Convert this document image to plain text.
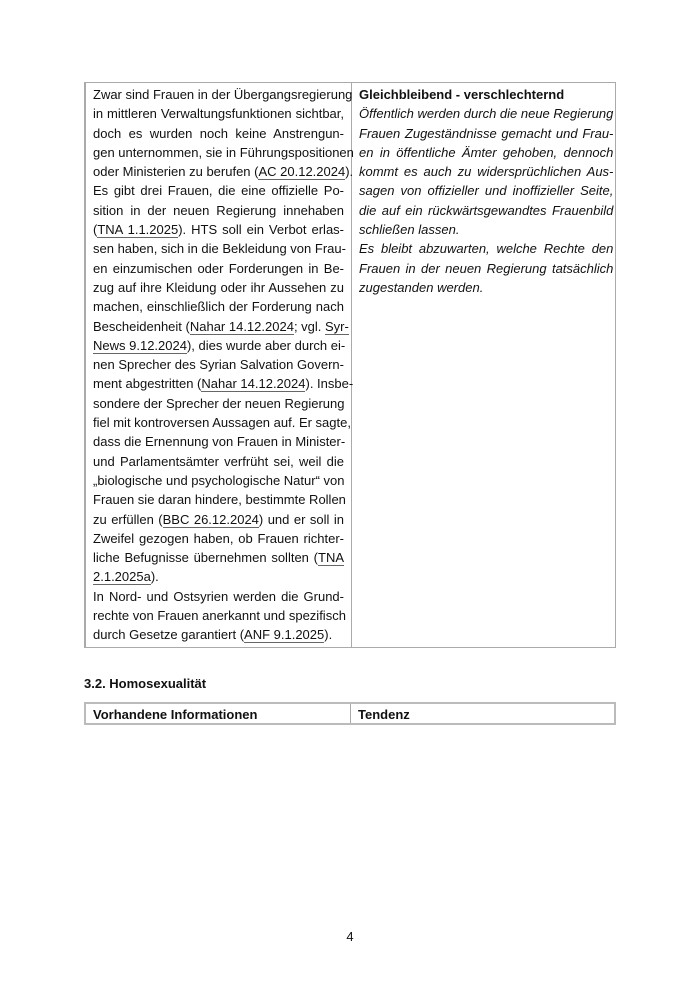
Zwar sind Frauen in der Übergangsregierung
in mittleren Verwaltungsfunktionen sichtbar,
doch es wurden noch keine Anstrengun-
gen unternommen, sie in Führungspositionen
oder Ministerien zu berufen (AC 20.12.2024).
Es gibt drei Frauen, die eine offizielle Po-
sition in der neuen Regierung innehaben
(TNA 1.1.2025). HTS soll ein Verbot erlas-
sen haben, sich in die Bekleidung von Frau-
en einzumischen oder Forderungen in Be-
zug auf ihre Kleidung oder ihr Aussehen zu
machen, einschließlich der Forderung nach
Bescheidenheit (Nahar 14.12.2024; vgl. Syr-
News 9.12.2024), dies wurde aber durch ei-
nen Sprecher des Syrian Salvation Govern-
ment abgestritten (Nahar 14.12.2024). Insbe-
sondere der Sprecher der neuen Regierung
fiel mit kontroversen Aussagen auf. Er sagte,
dass die Ernennung von Frauen in Minister-
und Parlamentsämter verfrüht sei, weil die
„biologische und psychologische Natur“ von
Frauen sie daran hindere, bestimmte Rollen
zu erfüllen (BBC 26.12.2024) und er soll in
Zweifel gezogen haben, ob Frauen richter-
liche Befugnisse übernehmen sollten (TNA
2.1.2025a).
In Nord- und Ostsyrien werden die Grund-
rechte von Frauen anerkannt und spezifisch
durch Gesetze garantiert (ANF 9.1.2025).
Gleichbleibend - verschlechternd
Öffentlich werden durch die neue Regierung
Frauen Zugeständnisse gemacht und Frau-
en in öffentliche Ämter gehoben, dennoch
kommt es auch zu widersprüchlichen Aus-
sagen von offizieller und inoffizieller Seite,
die auf ein rückwärtsgewandtes Frauenbild
schließen lassen.
Es bleibt abzuwarten, welche Rechte den
Frauen in der neuen Regierung tatsächlich
zugestanden werden.
3.2. Homosexualität
Vorhandene Informationen	Tendenz
4
